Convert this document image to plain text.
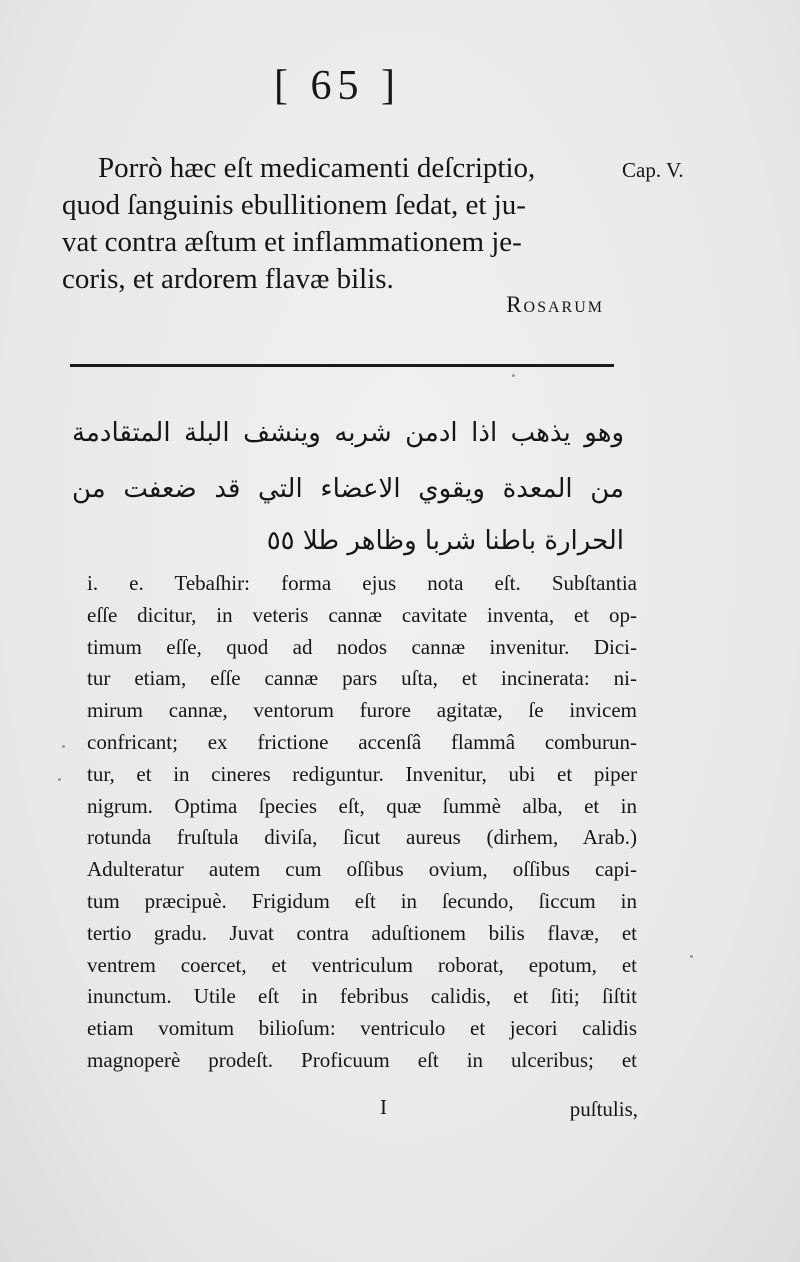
[ 65 ]
Porrò hæc eſt medicamenti deſcriptio,
quod ſanguinis ebullitionem ſedat, et ju-
vat contra æſtum et inflammationem je-
coris, et ardorem flavæ bilis.
Cap. V.
Rosarum
وهو يذهب اذا ادمن شربه وينشف البلة المتقادمة
من المعدة ويقوي الاعضاء التي قد ضعفت من
الحرارة باطنا شربا وظاهر طلا ٥٥
i. e. Tebaſhir: forma ejus nota eſt. Subſtantia
eſſe dicitur, in veteris cannæ cavitate inventa, et op-
timum eſſe, quod ad nodos cannæ invenitur. Dici-
tur etiam, eſſe cannæ pars uſta, et incinerata: ni-
mirum cannæ, ventorum furore agitatæ, ſe invicem
confricant; ex frictione accenſâ flammâ comburun-
tur, et in cineres rediguntur. Invenitur, ubi et piper
nigrum. Optima ſpecies eſt, quæ ſummè alba, et in
rotunda fruſtula diviſa, ſicut aureus (dirhem, Arab.)
Adulteratur autem cum oſſibus ovium, oſſibus capi-
tum præcipuè. Frigidum eſt in ſecundo, ſiccum in
tertio gradu. Juvat contra aduſtionem bilis flavæ, et
ventrem coercet, et ventriculum roborat, epotum, et
inunctum. Utile eſt in febribus calidis, et ſiti; ſiſtit
etiam vomitum bilioſum: ventriculo et jecori calidis
magnoperè prodeſt. Proficuum eſt in ulceribus; et
I	puſtulis,
